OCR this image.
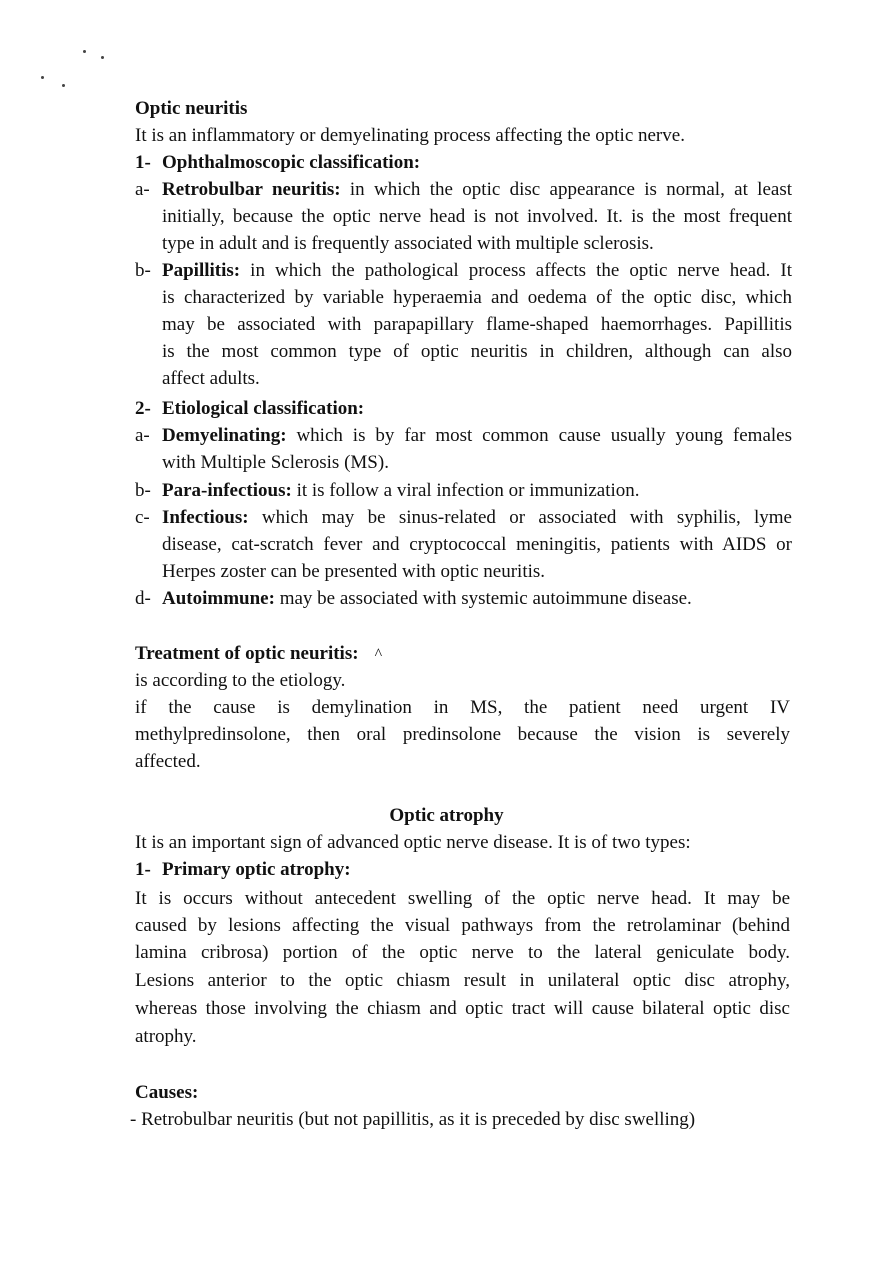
Optic neuritis
It is an inflammatory or demyelinating process affecting the optic nerve.
1- Ophthalmoscopic classification:
a- Retrobulbar neuritis: in which the optic disc appearance is normal, at least
initially, because the optic nerve head is not involved. It. is the most frequent
type in adult and is frequently associated with multiple sclerosis.
b- Papillitis: in which the pathological process affects the optic nerve head. It
is characterized by variable hyperaemia and oedema of the optic disc, which
may be associated with parapapillary flame-shaped haemorrhages. Papillitis
is the most common type of optic neuritis in children, although can also
affect adults.
2- Etiological classification:
a- Demyelinating: which is by far most common cause usually young females
with Multiple Sclerosis (MS).
b- Para-infectious: it is follow a viral infection or immunization.
c- Infectious: which may be sinus-related or associated with syphilis, lyme
disease, cat-scratch fever and cryptococcal meningitis, patients with AIDS or
Herpes zoster can be presented with optic neuritis.
d- Autoimmune: may be associated with systemic autoimmune disease.
Treatment of optic neuritis: ^
is according to the etiology.
if the cause is demylination in MS, the patient need urgent IV
methylpredinsolone, then oral predinsolone because the vision is severely
affected.
Optic atrophy
It is an important sign of advanced optic nerve disease. It is of two types:
1- Primary optic atrophy:
It is occurs without antecedent swelling of the optic nerve head. It may be
caused by lesions affecting the visual pathways from the retrolaminar (behind
lamina cribrosa) portion of the optic nerve to the lateral geniculate body.
Lesions anterior to the optic chiasm result in unilateral optic disc atrophy,
whereas those involving the chiasm and optic tract will cause bilateral optic disc
atrophy.
Causes:
- Retrobulbar neuritis (but not papillitis, as it is preceded by disc swelling)
